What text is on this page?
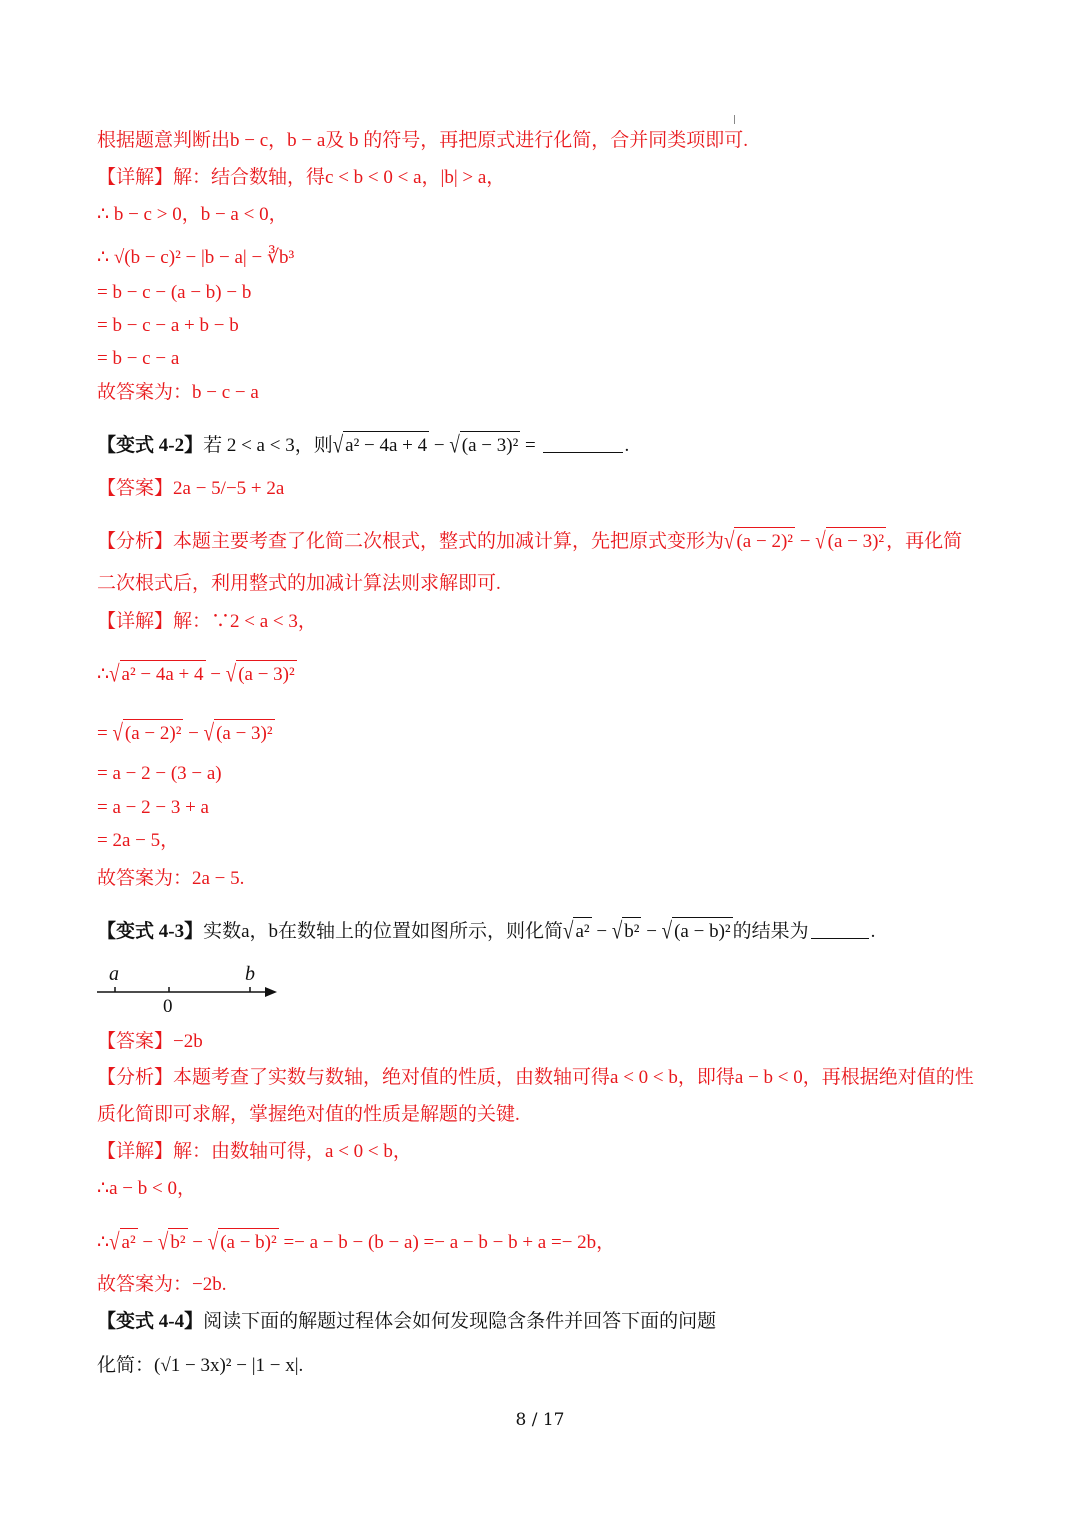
根据题意判断出b − c，b − a及 b 的符号，再把原式进行化简，合并同类项即可.
【详解】解：结合数轴，得c < b < 0 < a，|b| > a，
∴ b − c > 0，b − a < 0，
∴ √(b − c)² − |b − a| − ∛b³
= b − c − (a − b) − b
= b − c − a + b − b
= b − c − a
故答案为：b − c − a
【变式 4-2】若 2 < a < 3，则√ a² − 4a + 4 − √ (a − 3)² =	.
【答案】2a − 5/−5 + 2a
【分析】本题主要考查了化简二次根式，整式的加减计算，先把原式变形为√ (a − 2)² − √ (a − 3)² ，再化简
二次根式后，利用整式的加减计算法则求解即可.
【详解】解：∵2 < a < 3，
∴√ a² − 4a + 4 − √ (a − 3)²
= √ (a − 2)² − √ (a − 3)²
= a − 2 − (3 − a)
= a − 2 − 3 + a
= 2a − 5，
故答案为：2a − 5.
【变式 4-3】实数a，b在数轴上的位置如图所示，则化简√ a² − √ b² − √ (a − b)² 的结果为	.
a	b
0
【答案】−2b
【分析】本题考查了实数与数轴，绝对值的性质，由数轴可得a < 0 < b，即得a − b < 0，再根据绝对值的性
质化简即可求解，掌握绝对值的性质是解题的关键.
【详解】解：由数轴可得，a < 0 < b，
∴a − b < 0，
∴√ a² − √ b² − √ (a − b)² =− a − b − (b − a) =− a − b − b + a =− 2b，
故答案为：−2b.
【变式 4-4】阅读下面的解题过程体会如何发现隐含条件并回答下面的问题
化简：(√1 − 3x)² − |1 − x|.
8 / 17
